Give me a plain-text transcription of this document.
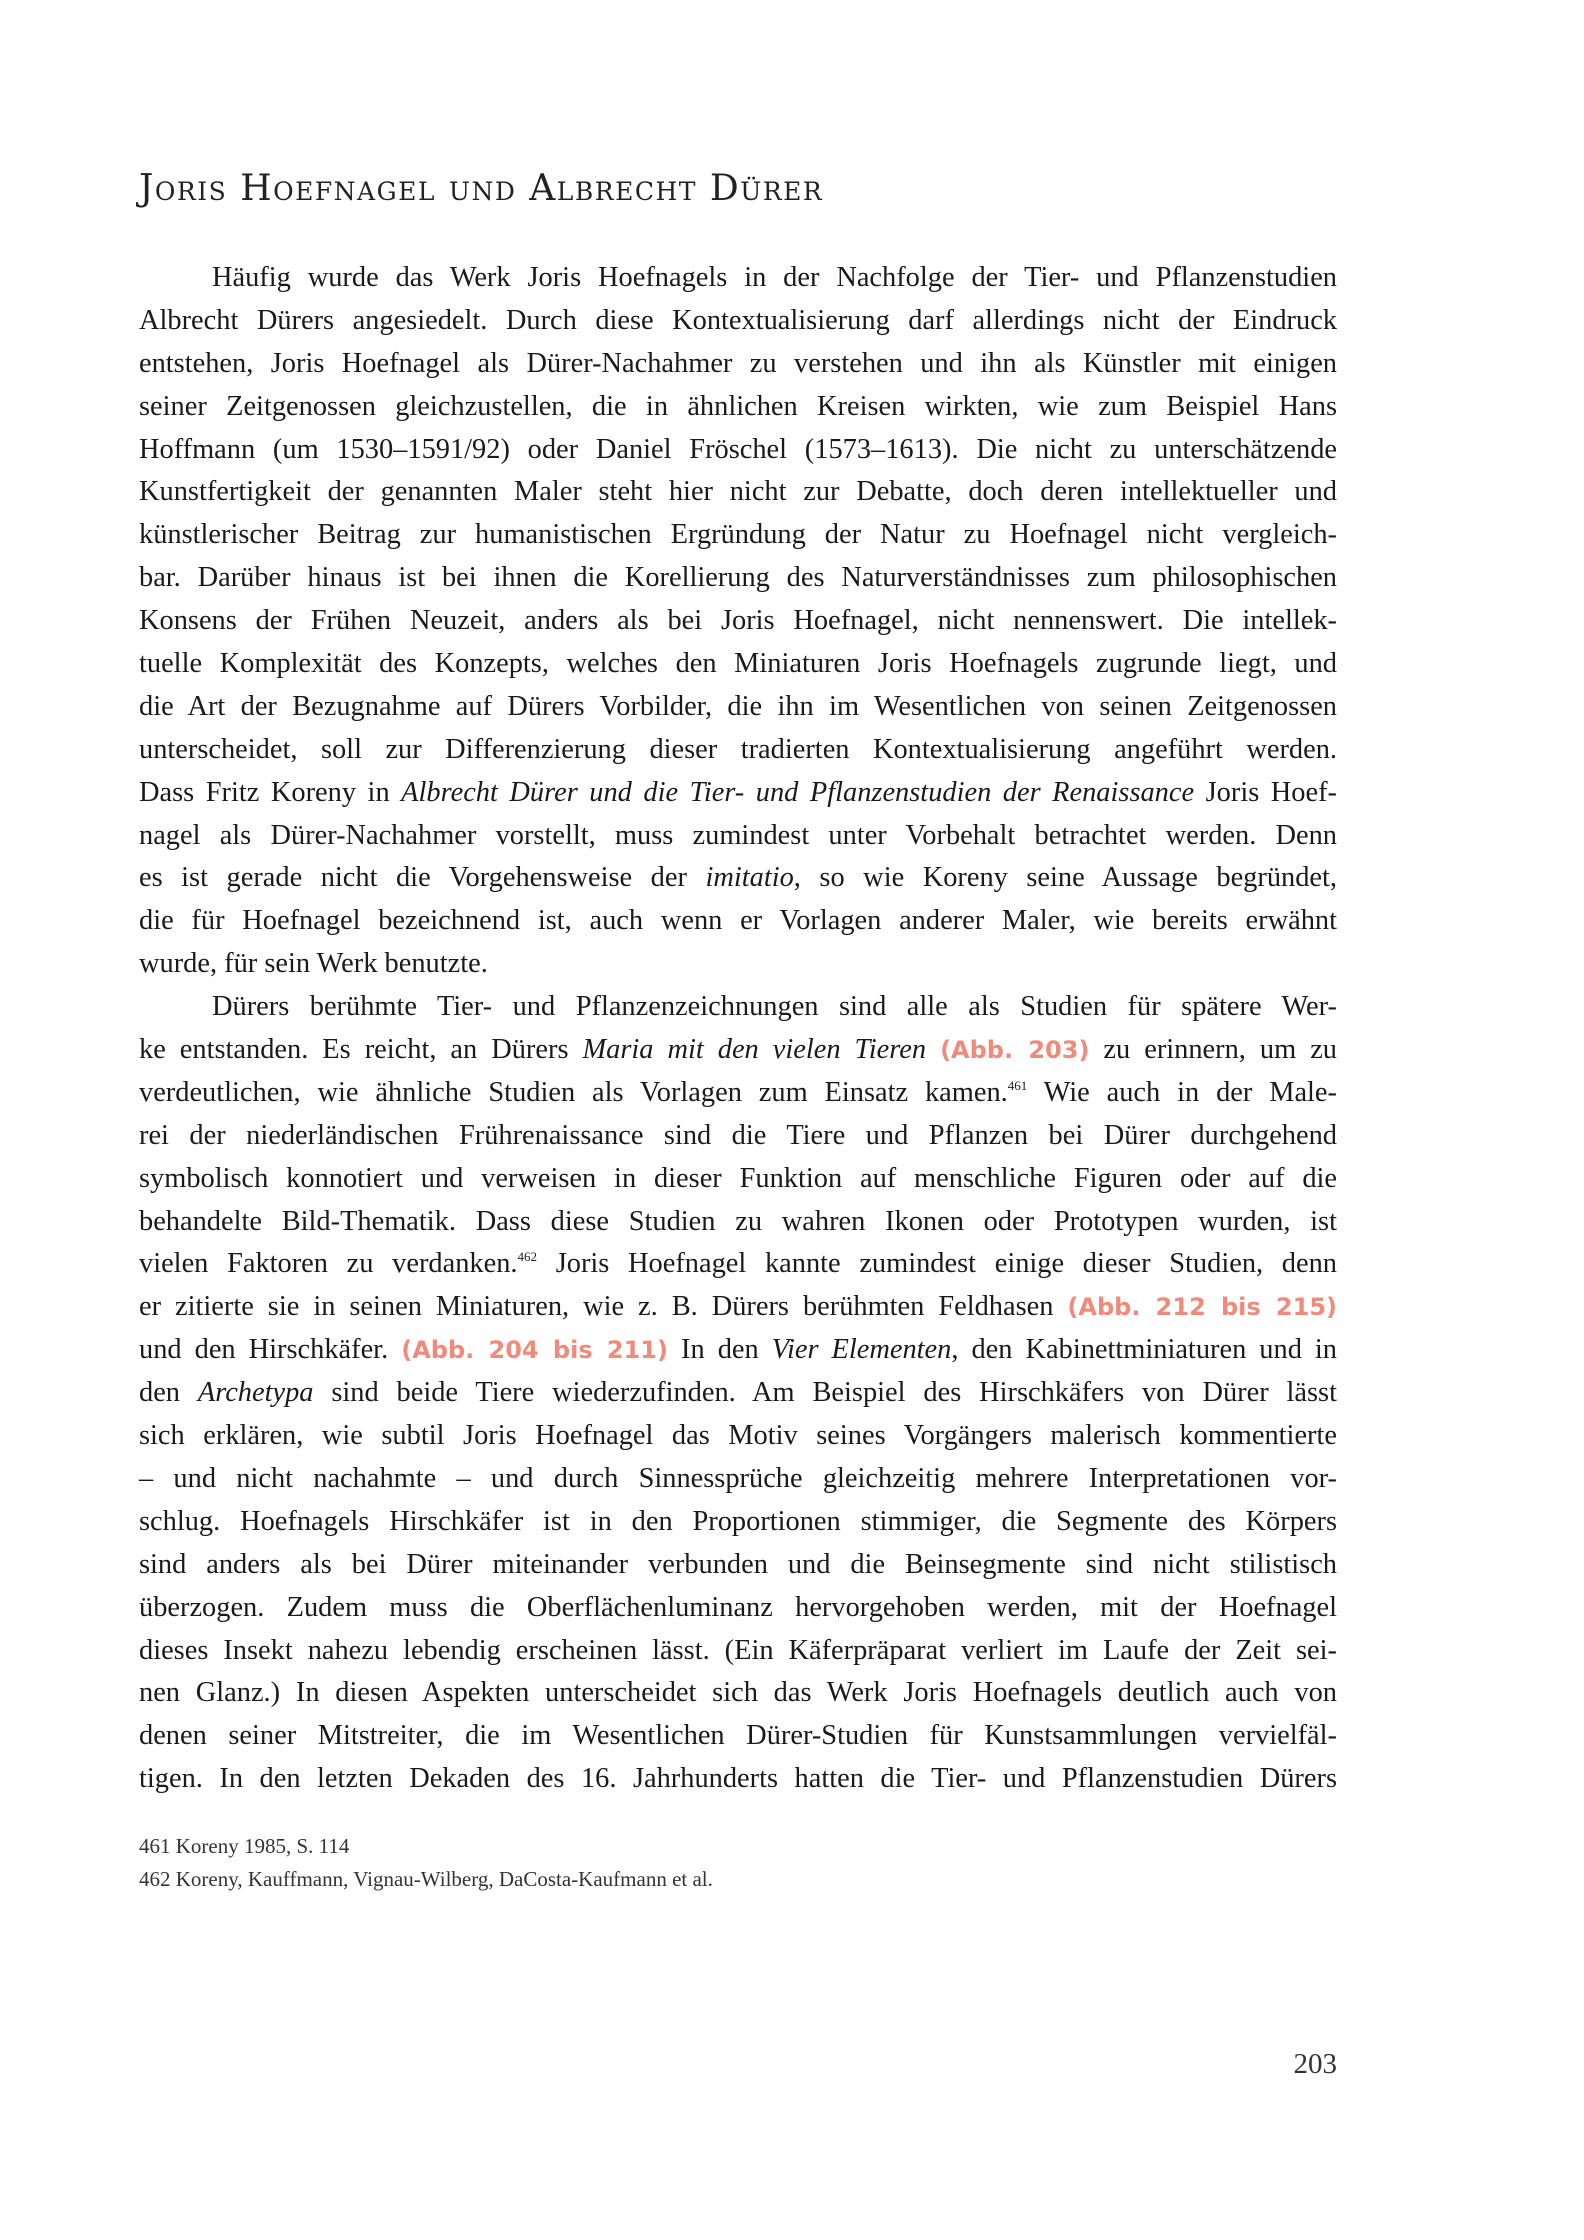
Joris Hoefnagel und Albrecht Dürer
Häufig wurde das Werk Joris Hoefnagels in der Nachfolge der Tier- und Pflanzenstudien
Albrecht Dürers angesiedelt. Durch diese Kontextualisierung darf allerdings nicht der Eindruck
entstehen, Joris Hoefnagel als Dürer-Nachahmer zu verstehen und ihn als Künstler mit einigen
seiner Zeitgenossen gleichzustellen, die in ähnlichen Kreisen wirkten, wie zum Beispiel Hans
Hoffmann (um 1530–1591/92) oder Daniel Fröschel (1573–1613). Die nicht zu unterschätzende
Kunstfertigkeit der genannten Maler steht hier nicht zur Debatte, doch deren intellektueller und
künstlerischer Beitrag zur humanistischen Ergründung der Natur zu Hoefnagel nicht vergleich-
bar. Darüber hinaus ist bei ihnen die Korellierung des Naturverständnisses zum philosophischen
Konsens der Frühen Neuzeit, anders als bei Joris Hoefnagel, nicht nennenswert. Die intellek-
tuelle Komplexität des Konzepts, welches den Miniaturen Joris Hoefnagels zugrunde liegt, und
die Art der Bezugnahme auf Dürers Vorbilder, die ihn im Wesentlichen von seinen Zeitgenossen
unterscheidet, soll zur Differenzierung dieser tradierten Kontextualisierung angeführt werden.
Dass Fritz Koreny in Albrecht Dürer und die Tier- und Pflanzenstudien der Renaissance Joris Hoef-
nagel als Dürer-Nachahmer vorstellt, muss zumindest unter Vorbehalt betrachtet werden. Denn
es ist gerade nicht die Vorgehensweise der imitatio, so wie Koreny seine Aussage begründet,
die für Hoefnagel bezeichnend ist, auch wenn er Vorlagen anderer Maler, wie bereits erwähnt
wurde, für sein Werk benutzte.
Dürers berühmte Tier- und Pflanzenzeichnungen sind alle als Studien für spätere Wer-
ke entstanden. Es reicht, an Dürers Maria mit den vielen Tieren (Abb. 203) zu erinnern, um zu
verdeutlichen, wie ähnliche Studien als Vorlagen zum Einsatz kamen.$^{461}$ Wie auch in der Male-
rei der niederländischen Frührenaissance sind die Tiere und Pflanzen bei Dürer durchgehend
symbolisch konnotiert und verweisen in dieser Funktion auf menschliche Figuren oder auf die
behandelte Bild-Thematik. Dass diese Studien zu wahren Ikonen oder Prototypen wurden, ist
vielen Faktoren zu verdanken.$^{462}$ Joris Hoefnagel kannte zumindest einige dieser Studien, denn
er zitierte sie in seinen Miniaturen, wie z. B. Dürers berühmten Feldhasen (Abb. 212 bis 215)
und den Hirschkäfer. (Abb. 204 bis 211) In den Vier Elementen, den Kabinettminiaturen und in
den Archetypa sind beide Tiere wiederzufinden. Am Beispiel des Hirschkäfers von Dürer lässt
sich erklären, wie subtil Joris Hoefnagel das Motiv seines Vorgängers malerisch kommentierte
– und nicht nachahmte – und durch Sinnessprüche gleichzeitig mehrere Interpretationen vor-
schlug. Hoefnagels Hirschkäfer ist in den Proportionen stimmiger, die Segmente des Körpers
sind anders als bei Dürer miteinander verbunden und die Beinsegmente sind nicht stilistisch
überzogen. Zudem muss die Oberflächenluminanz hervorgehoben werden, mit der Hoefnagel
dieses Insekt nahezu lebendig erscheinen lässt. (Ein Käferpräparat verliert im Laufe der Zeit sei-
nen Glanz.) In diesen Aspekten unterscheidet sich das Werk Joris Hoefnagels deutlich auch von
denen seiner Mitstreiter, die im Wesentlichen Dürer-Studien für Kunstsammlungen vervielfäl-
tigen. In den letzten Dekaden des 16. Jahrhunderts hatten die Tier- und Pflanzenstudien Dürers
461 Koreny 1985, S. 114
462 Koreny, Kauffmann, Vignau-Wilberg, DaCosta-Kaufmann et al.
203
